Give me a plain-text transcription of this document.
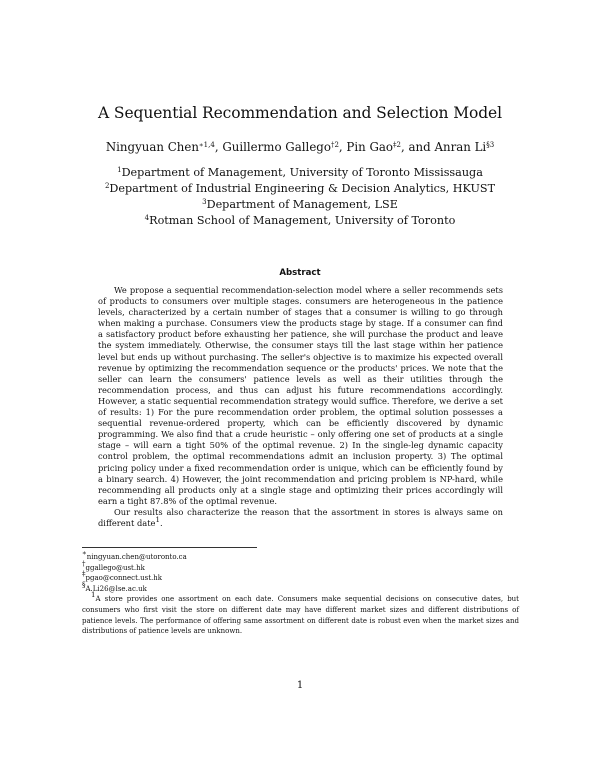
A Sequential Recommendation and Selection Model
Ningyuan Chen$^{∗1,4}$, Guillermo Gallego$^{\dagger 2}$, Pin Gao$^{\ddagger 2}$, and Anran Li$^{\S 3}$
$^1$Department of Management, University of Toronto Mississauga
$^2$Department of Industrial Engineering & Decision Analytics, HKUST
$^3$Department of Management, LSE
$^4$Rotman School of Management, University of Toronto
Abstract

We propose a sequential recommendation-selection model where a seller recommends sets of products to consumers over multiple stages. consumers are heterogeneous in the patience levels, characterized by a certain number of stages that a consumer is willing to go through when making a purchase. Consumers view the products stage by stage. If a consumer can find a satisfactory product before exhausting her patience, she will purchase the product and leave the system immediately. Otherwise, the consumer stays till the last stage within her patience level but ends up without purchasing. The seller's objective is to maximize his expected overall revenue by optimizing the recommendation sequence or the products' prices. We note that the seller can learn the consumers' patience levels as well as their utilities through the recommendation process, and thus can adjust his future recommendations accordingly. However, a static sequential recommendation strategy would suffice. Therefore, we derive a set of results: 1) For the pure recommendation order problem, the optimal solution possesses a sequential revenue-ordered property, which can be efficiently discovered by dynamic programming. We also find that a crude heuristic – only offering one set of products at a single stage – will earn a tight 50% of the optimal revenue. 2) In the single-leg dynamic capacity control problem, the optimal recommendations admit an inclusion property. 3) The optimal pricing policy under a fixed recommendation order is unique, which can be efficiently found by a binary search. 4) However, the joint recommendation and pricing problem is NP-hard, while recommending all products only at a single stage and optimizing their prices accordingly will earn a tight 87.8% of the optimal revenue.

Our results also characterize the reason that the assortment in stores is always same on different date$^1$.

∗ningyuan.chen@utoronto.ca
†ggallego@ust.hk
‡pgao@connect.ust.hk
§A.Li26@lse.ac.uk
$^1$A store provides one assortment on each date. Consumers make sequential decisions on consecutive dates, but consumers who first visit the store on different date may have different market sizes and different distributions of patience levels. The performance of offering same assortment on different date is robust even when the market sizes and distributions of patience levels are unknown.
1
